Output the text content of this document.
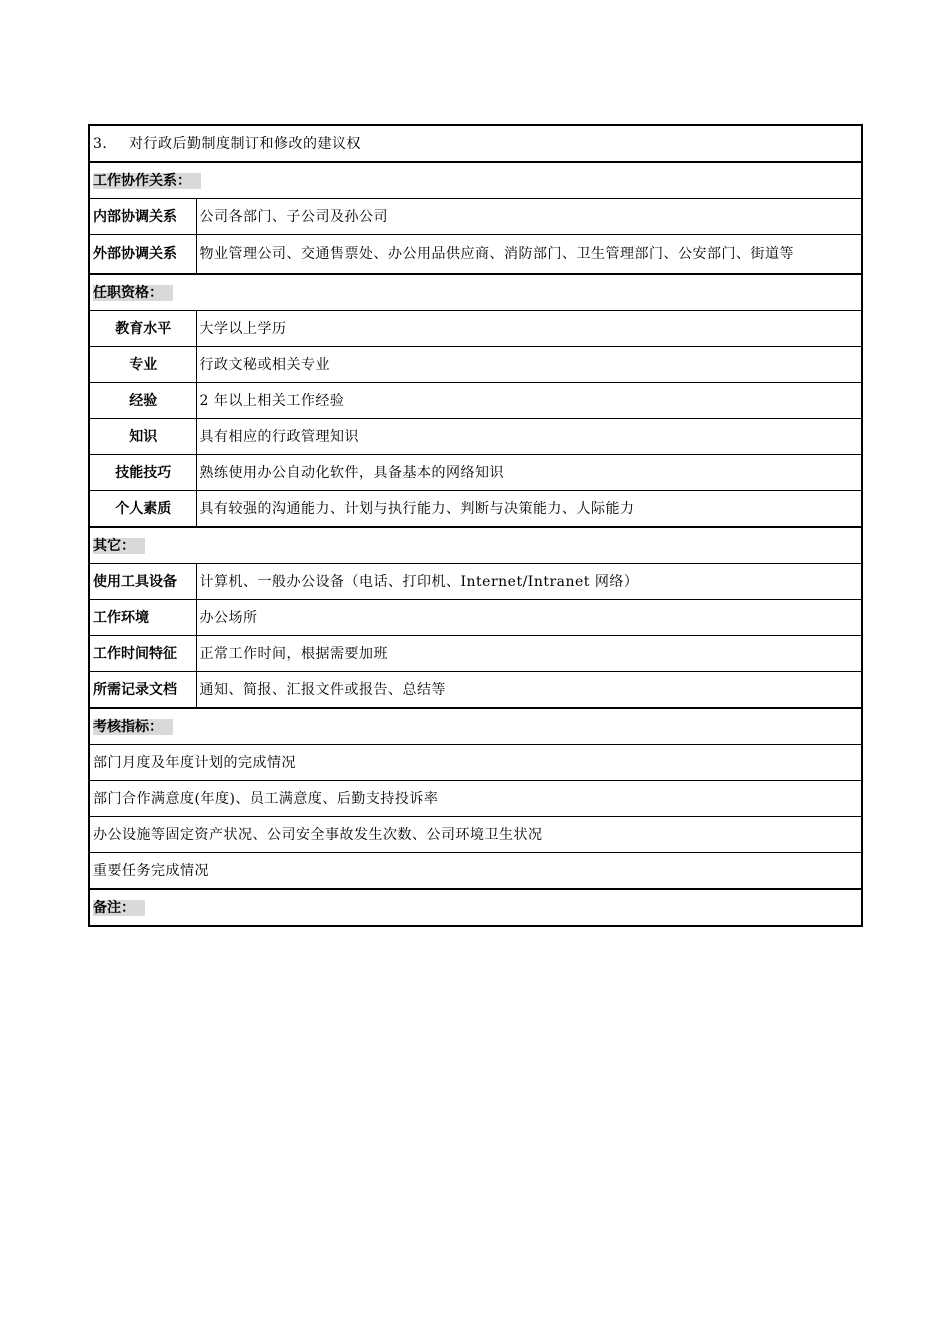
3. 对行政后勤制度制订和修改的建议权	
工作协作关系：	
内部协调关系	公司各部门、子公司及孙公司
外部协调关系	物业管理公司、交通售票处、办公用品供应商、消防部门、卫生管理部门、公安部门、街道等
任职资格：	
教育水平	大学以上学历
专业	行政文秘或相关专业
经验	2 年以上相关工作经验
知识	具有相应的行政管理知识
技能技巧	熟练使用办公自动化软件，具备基本的网络知识
个人素质	具有较强的沟通能力、计划与执行能力、判断与决策能力、人际能力
其它：	
使用工具设备	计算机、一般办公设备（电话、打印机、Internet/Intranet 网络）
工作环境	办公场所
工作时间特征	正常工作时间，根据需要加班
所需记录文档	通知、简报、汇报文件或报告、总结等
考核指标：	
部门月度及年度计划的完成情况	
部门合作满意度(年度)、员工满意度、后勤支持投诉率	
办公设施等固定资产状况、公司安全事故发生次数、公司环境卫生状况	
重要任务完成情况	
备注：	
